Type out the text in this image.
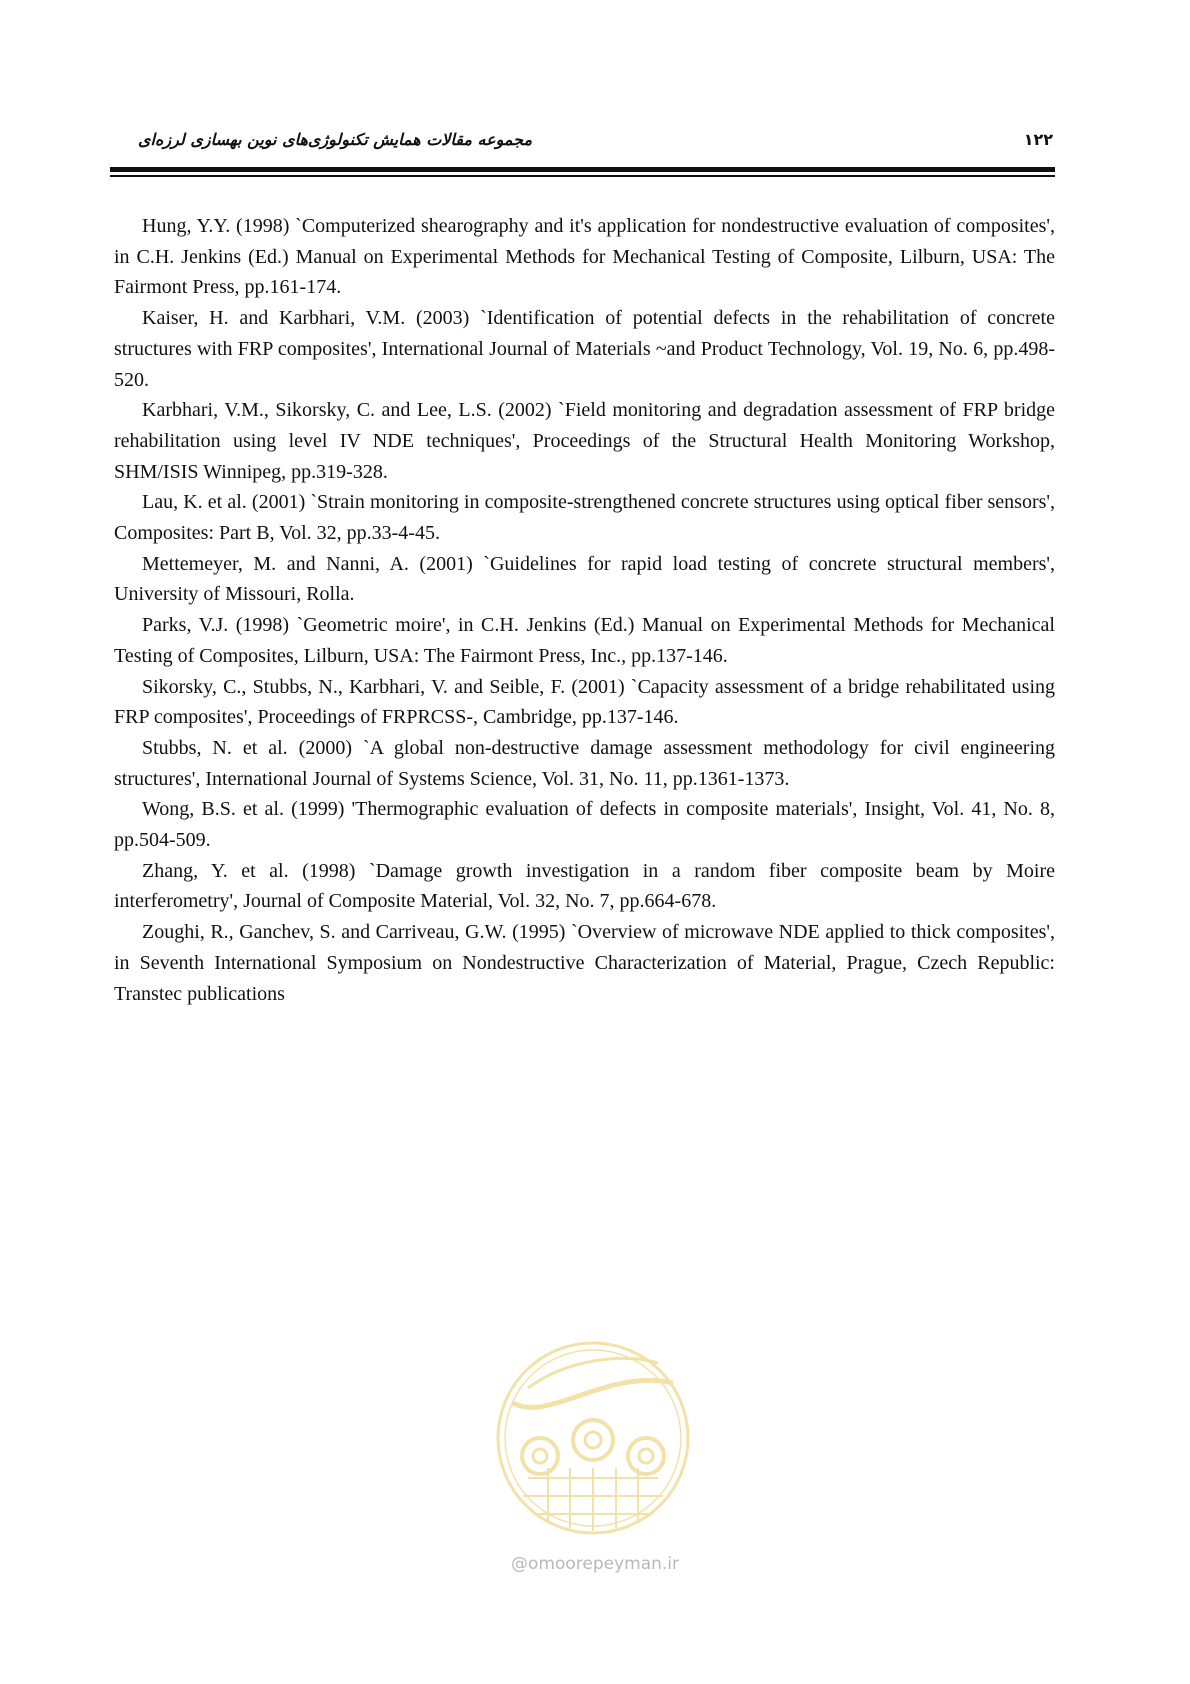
مجموعه مقالات همایش تکنولوژی‌های نوین بهسازی لرزه‌ای	۱۲۲

Hung, Y.Y. (1998) `Computerized shearography and it's application for nondestructive evaluation of composites', in C.H. Jenkins (Ed.) Manual on Experimental Methods for Mechanical Testing of Composite, Lilburn, USA: The Fairmont Press, pp.161-174.

Kaiser, H. and Karbhari, V.M. (2003) `Identification of potential defects in the rehabilitation of concrete structures with FRP composites', International Journal of Materials ~and Product Technology, Vol. 19, No. 6, pp.498-520.

Karbhari, V.M., Sikorsky, C. and Lee, L.S. (2002) `Field monitoring and degradation assessment of FRP bridge rehabilitation using level IV NDE techniques', Proceedings of the Structural Health Monitoring Workshop, SHM/ISIS Winnipeg, pp.319-328.

Lau, K. et al. (2001) `Strain monitoring in composite-strengthened concrete structures using optical fiber sensors', Composites: Part B, Vol. 32, pp.33-4-45.

Mettemeyer, M. and Nanni, A. (2001) `Guidelines for rapid load testing of concrete structural members', University of Missouri, Rolla.

Parks, V.J. (1998) `Geometric moire', in C.H. Jenkins (Ed.) Manual on Experimental Methods for Mechanical Testing of Composites, Lilburn, USA: The Fairmont Press, Inc., pp.137-146.

Sikorsky, C., Stubbs, N., Karbhari, V. and Seible, F. (2001) `Capacity assessment of a bridge rehabilitated using FRP composites', Proceedings of FRPRCSS-, Cambridge, pp.137-146.

Stubbs, N. et al. (2000) `A global non-destructive damage assessment methodology for civil engineering structures', International Journal of Systems Science, Vol. 31, No. 11, pp.1361-1373.

Wong, B.S. et al. (1999) 'Thermographic evaluation of defects in composite materials', Insight, Vol. 41, No. 8, pp.504-509.

Zhang, Y. et al. (1998) `Damage growth investigation in a random fiber composite beam by Moire interferometry', Journal of Composite Material, Vol. 32, No. 7, pp.664-678.

Zoughi, R., Ganchev, S. and Carriveau, G.W. (1995) `Overview of microwave NDE applied to thick composites', in Seventh International Symposium on Nondestructive Characterization of Material, Prague, Czech Republic: Transtec publications

@omoorepeyman.ir
